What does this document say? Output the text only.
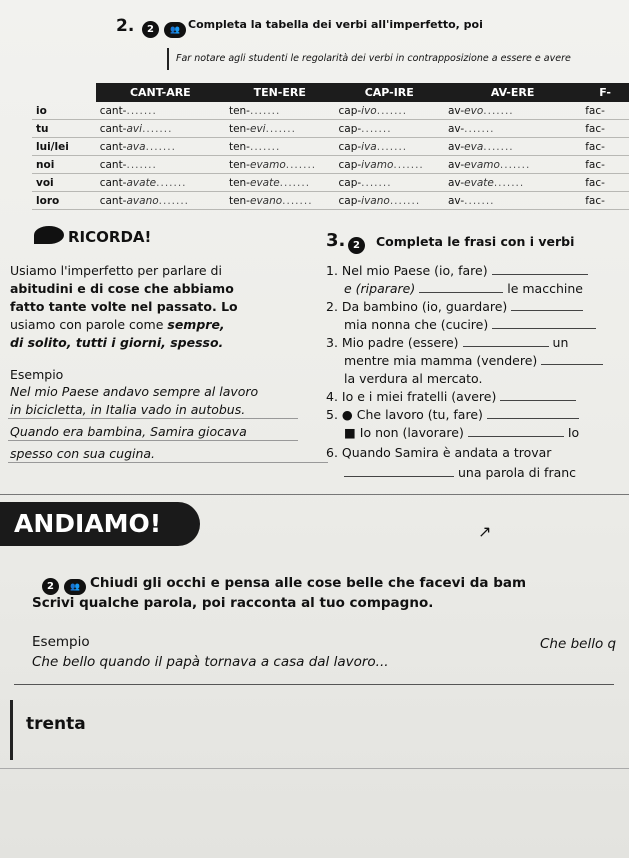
2.	2 👥 Completa la tabella dei verbi all'imperfetto, poi
Far notare agli studenti le regolarità dei verbi in contrapposizione a essere e avere
	CANT-ARE	TEN-ERE	CAP-IRE	AV-ERE	F-
io	cant-.......	ten-.......	cap-ivo.......	av-evo.......	fac-
tu	cant-avi.......	ten-evi.......	cap-.......	av-.......	fac-
lui/lei	cant-ava.......	ten-.......	cap-iva.......	av-eva.......	fac-
noi	cant-.......	ten-evamo.......	cap-ivamo.......	av-evamo.......	fac-
voi	cant-avate.......	ten-evate.......	cap-.......	av-evate.......	fac-
loro	cant-avano.......	ten-evano.......	cap-ivano.......	av-.......	fac-
RICORDA!
Usiamo l'imperfetto per parlare di
abitudini e di cose che abbiamo
fatto tante volte nel passato. Lo
usiamo con parole come sempre,
di solito, tutti i giorni, spesso.
Esempio
Nel mio Paese andavo sempre al lavoro
in bicicletta, in Italia vado in autobus.
Quando era bambina, Samira giocava
spesso con sua cugina.
3. 2	Completa le frasi con i verbi
1. Nel mio Paese (io, fare)
e (riparare)	le macchine
2. Da bambino (io, guardare)
mia nonna che (cucire)
3. Mio padre (essere)	un
mentre mia mamma (vendere)
la verdura al mercato.
4. Io e i miei fratelli (avere)
5. ● Che lavoro (tu, fare)
■ Io non (lavorare)	Io
6. Quando Samira è andata a trovar
una parola di franc
ANDIAMO!	↗
2 👥 Chiudi gli occhi e pensa alle cose belle che facevi da bam
Scrivi qualche parola, poi racconta al tuo compagno.
Esempio
Che bello quando il papà tornava a casa dal lavoro...
Che bello q
trenta
